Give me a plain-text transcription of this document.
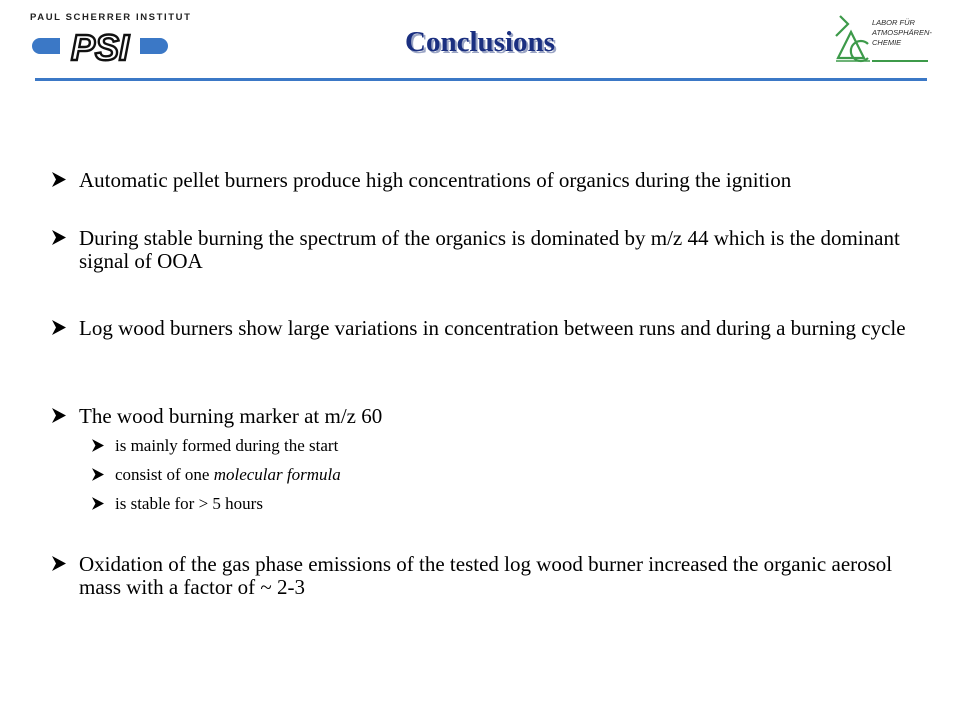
PAUL SCHERRER INSTITUT
PSI	Conclusions
LABOR FÜR
ATMOSPHÄREN-
CHEMIE
Automatic pellet burners produce high concentrations of organics during the ignition
During stable burning the spectrum of the organics is dominated by m/z 44 which is the dominant signal of OOA
Log wood burners show large variations in concentration between runs and during a burning cycle
The wood burning marker at m/z 60
is mainly formed during the start
consist of one molecular formula
is stable for > 5 hours
Oxidation of the gas phase emissions of the tested log wood burner increased the organic aerosol mass with a factor of ~ 2-3
